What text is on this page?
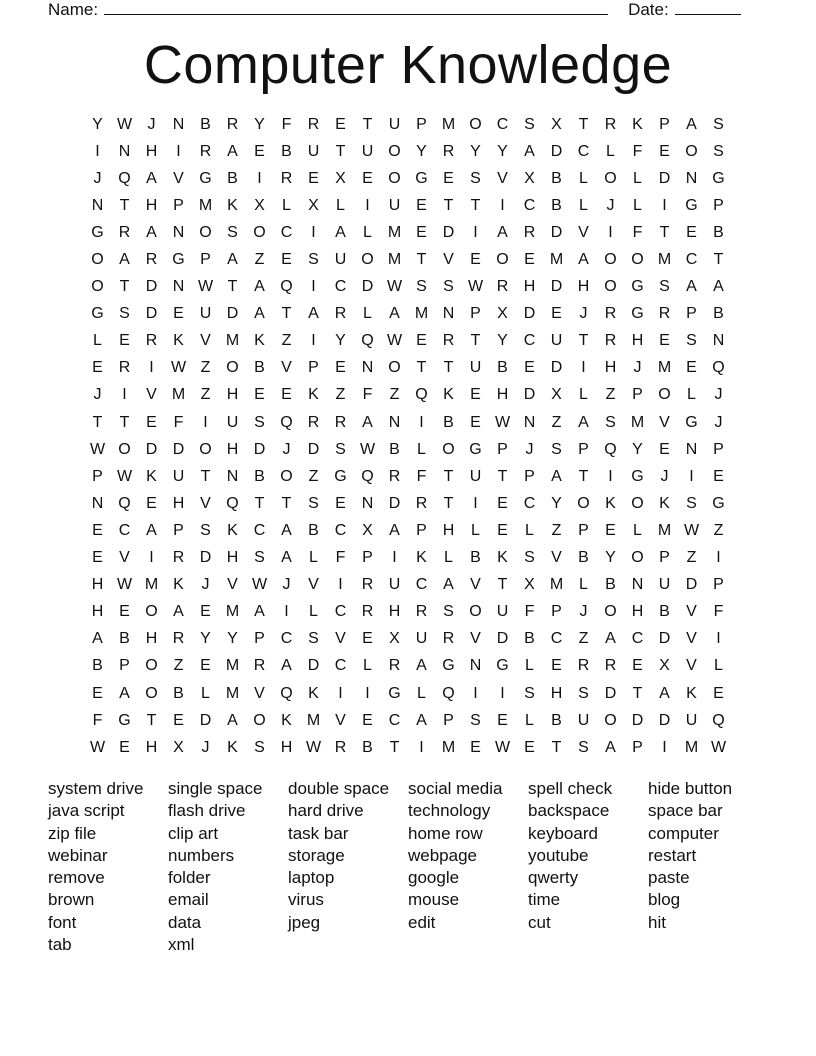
Name:	Date:
Computer Knowledge
Y W J	N B R Y	F	R E	T	U P M O C S	X	T	R K	P	A	S
I	N H	I	R A	E	B U	T	U O Y R Y	Y	A D C	L	F	E O S
J	Q A	V G B	I	R E	X	E O G E	S	V	X	B	L	O	L	D N G
N	T	H P M K	X	L	X	L	I	U E	T	T	I	C B	L	J	L	I	G P
G R A N O S O C	I	A	L M E D	I	A R D V	I	F	T	E	B
O A R G P	A	Z	E	S U O M T	V	E O E M A O O M C	T
O T	D N W T	A Q	I	C D W S	S W R H D H O G S	A	A
G S D E U D A	T	A R	L	A M N P	X D E	J	R G R P	B
L	E R K	V M K	Z	I	Y Q W E R	T	Y C U	T	R H E	S N
E R	I	W Z O B	V	P	E N O T	T	U B	E D	I	H	J	M E Q
J	I	V M Z	H E	E	K	Z	F	Z Q K	E H D X	L	Z	P O	L	J
T	T	E	F	I	U S Q R R A N	I	B	E W N	Z	A	S M V G	J
W O D D O H D	J	D S W B	L	O G P	J	S	P Q Y	E N P
P W K U	T	N B O Z G Q R	F	T	U	T	P	A	T	I	G	J	I	E
N Q E H V Q T	T	S	E N D R	T	I	E C Y O K O K	S G
E C A	P	S	K C A	B C X	A	P H	L	E	L	Z	P	E	L M W Z
E	V	I	R D H S	A	L	F	P	I	K	L	B	K	S	V	B	Y O P	Z	I
H W M K	J	V W J	V	I	R U C A	V	T	X M L	B N U D P
H E O A	E M A	I	L	C R H R S O U	F	P	J	O H B	V	F
A	B H R Y	Y	P C S	V	E	X U R V D B C	Z	A C D V	I
B	P O Z	E M R A D C	L	R A G N G	L	E R R E	X	V	L
E	A O B	L M V Q K	I	I	G	L	Q	I	I	S H S D	T	A	K	E
F G T	E D A O K M V	E C A	P	S	E	L	B U O D D U Q
W E H X	J	K	S H W R B	T	I	M E W E	T	S	A	P	I	M W
system drive	single space	double space	social media	spell check	hide button
java script	flash drive	hard drive	technology	backspace	space bar
zip file	clip art	task bar	home row	keyboard	computer
webinar	numbers	storage	webpage	youtube	restart
remove	folder	laptop	google	qwerty	paste
brown	email	virus	mouse	time	blog
font	data	jpeg	edit	cut	hit
tab	xml
